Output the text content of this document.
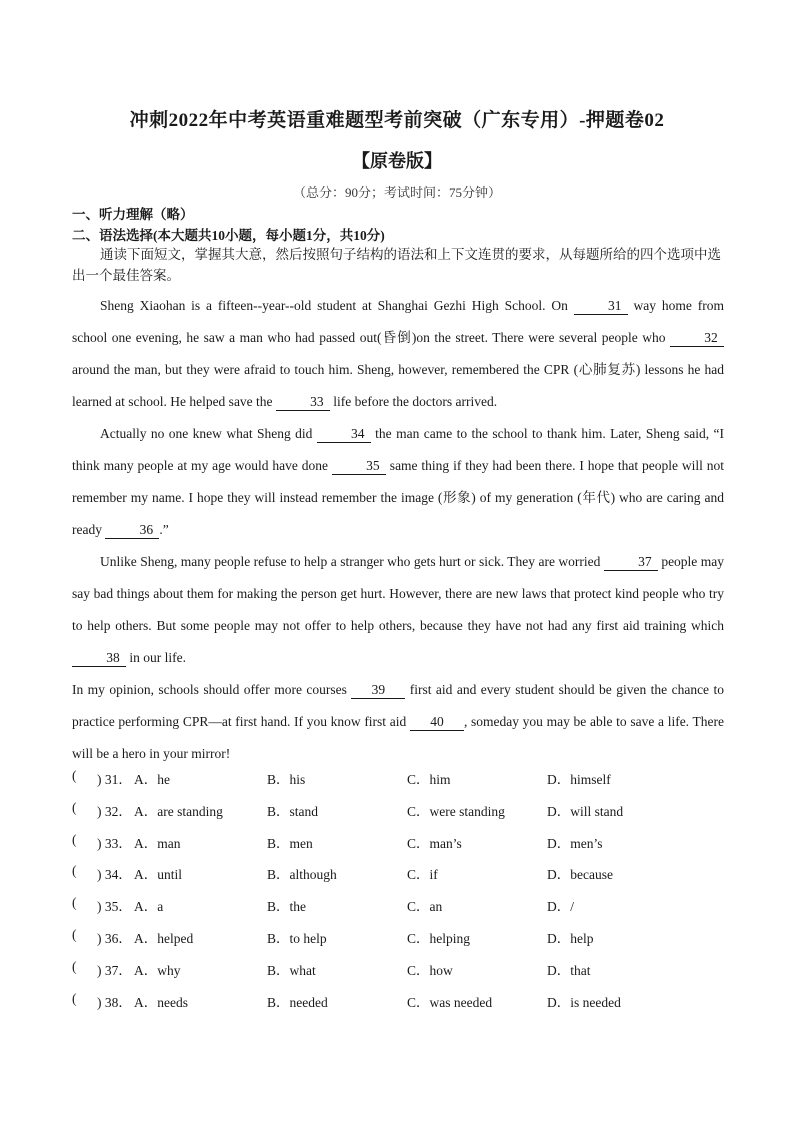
冲刺2022年中考英语重难题型考前突破（广东专用）-押题卷02
【原卷版】
（总分：90分；考试时间：75分钟）
一、听力理解（略）
二、语法选择(本大题共10小题，每小题1分，共10分)
通读下面短文，掌握其大意，然后按照句子结构的语法和上下文连贯的要求，从每题所给的四个选项中选出一个最佳答案。

Sheng Xiaohan is a fifteen--year--old student at Shanghai Gezhi High School. On	31 way home from school one evening, he saw a man who had passed out(昏倒)on the street. There were several people who	32 around the man, but they were afraid to touch him. Sheng, however, remembered the CPR (心肺复苏) lessons he had learned at school. He helped save the	33 life before the doctors arrived.

Actually no one knew what Sheng did	34 the man came to the school to thank him. Later, Sheng said, “I think many people at my age would have done	35 same thing if they had been there. I hope that people will not remember my name. I hope they will instead remember the image (形象) of my generation (年代) who are caring and ready	36 .”

Unlike Sheng, many people refuse to help a stranger who gets hurt or sick. They are worried	37 people may say bad things about them for making the person get hurt. However, there are new laws that protect kind people who try to help others. But some people may not offer to help others, because they have not had any first aid training which 38 in our life.

In my opinion, schools should offer more courses 39 first aid and every student should be given the chance to practice performing CPR—at first hand. If you know first aid 40 , someday you may be able to save a life. There will be a hero in your mirror!

( ) 31． A．he	B．his	C．him	D．himself
( ) 32． A．are standing	B．stand	C．were standing	D．will stand
( ) 33． A．man	B．men	C．man’s	D．men’s
( ) 34． A．until	B．although	C．if	D．because
( ) 35． A．a	B．the	C．an	D．/
( ) 36． A．helped	B．to help	C．helping	D．help
( ) 37． A．why	B．what	C．how	D．that
( ) 38． A．needs	B．needed	C．was needed	D．is needed
